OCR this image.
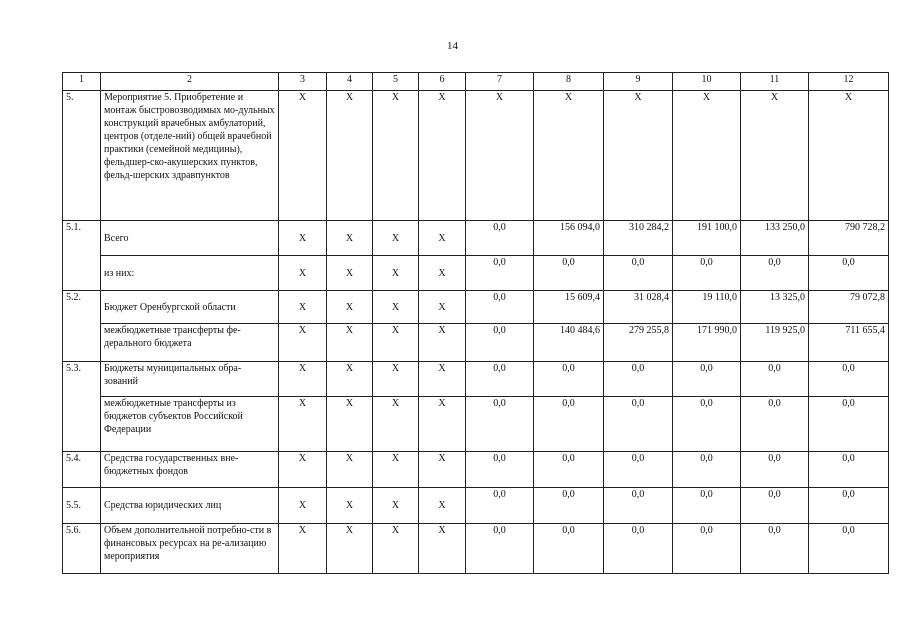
14
1	2	3	4	5	6	7	8	9	10	11	12
5.	Мероприятие 5. Приобретение и монтаж быстровозводимых мо-дульных конструкций врачебных амбулаторий, центров (отделе-ний) общей врачебной практики (семейной медицины), фельдшер-ско-акушерских пунктов, фельд-шерских здравпунктов	X	X	X	X	X	X	X	X	X	X
5.1.	Всего	X	X	X	X	0,0	156 094,0	310 284,2	191 100,0	133 250,0	790 728,2
	из них:	X	X	X	X	0,0	0,0	0,0	0,0	0,0	0,0
5.2.	Бюджет Оренбургской области	X	X	X	X	0,0	15 609,4	31 028,4	19 110,0	13 325,0	79 072,8
	межбюджетные трансферты фе-дерального бюджета	X	X	X	X	0,0	140 484,6	279 255,8	171 990,0	119 925,0	711 655,4
5.3.	Бюджеты муниципальных обра-зований	X	X	X	X	0,0	0,0	0,0	0,0	0,0	0,0
	межбюджетные трансферты из бюджетов субъектов Российской Федерации	X	X	X	X	0,0	0,0	0,0	0,0	0,0	0,0
5.4.	Средства государственных вне-бюджетных фондов	X	X	X	X	0,0	0,0	0,0	0,0	0,0	0,0
5.5.	Средства юридических лиц	X	X	X	X	0,0	0,0	0,0	0,0	0,0	0,0
5.6.	Объем дополнительной потребно-сти в финансовых ресурсах на ре-ализацию мероприятия	X	X	X	X	0,0	0,0	0,0	0,0	0,0	0,0
